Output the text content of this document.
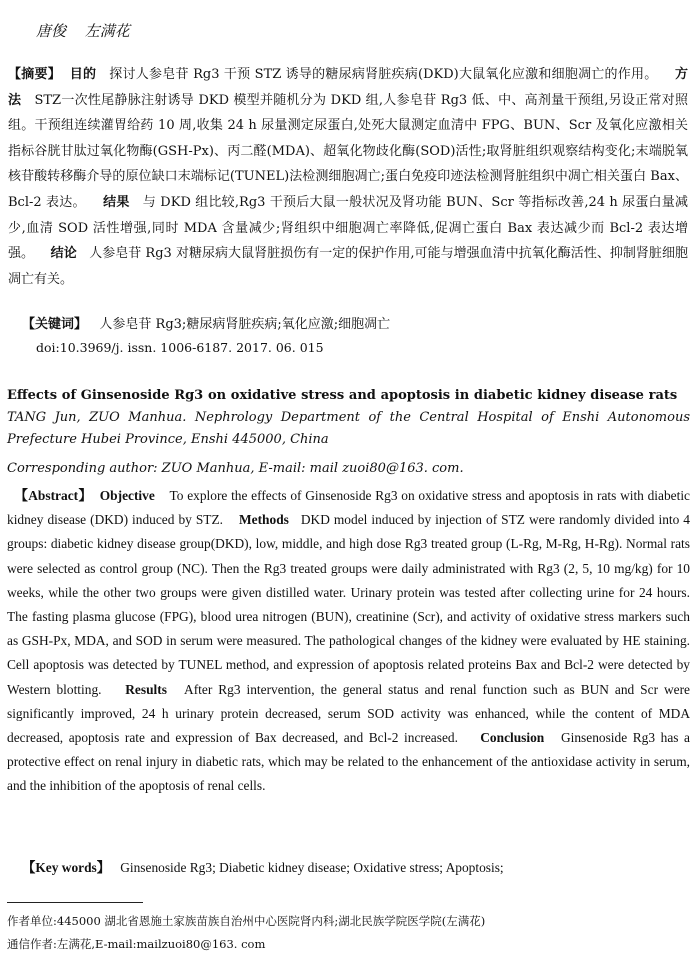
唐俊 左满花
【摘要】 目的 探讨人参皂苷 Rg3 干预 STZ 诱导的糖尿病肾脏疾病(DKD)大鼠氧化应激和细胞凋亡的作用。 方法 STZ一次性尾静脉注射诱导 DKD 模型并随机分为 DKD 组,人参皂苷 Rg3 低、中、高剂量干预组,另设正常对照组。干预组连续灌胃给药 10 周,收集 24 h 尿量测定尿蛋白,处死大鼠测定血清中 FPG、BUN、Scr 及氧化应激相关指标谷胱甘肽过氧化物酶(GSH-Px)、丙二醛(MDA)、超氧化物歧化酶(SOD)活性;取肾脏组织观察结构变化;末端脱氧核苷酸转移酶介导的原位缺口末端标记(TUNEL)法检测细胞凋亡;蛋白免疫印迹法检测肾脏组织中凋亡相关蛋白 Bax、Bcl-2 表达。 结果 与 DKD 组比较,Rg3 干预后大鼠一般状况及肾功能 BUN、Scr 等指标改善,24 h 尿蛋白量减少,血清 SOD 活性增强,同时 MDA 含量减少;肾组织中细胞凋亡率降低,促凋亡蛋白 Bax 表达减少而 Bcl-2 表达增强。 结论 人参皂苷 Rg3 对糖尿病大鼠肾脏损伤有一定的保护作用,可能与增强血清中抗氧化酶活性、抑制肾脏细胞凋亡有关。
【关键词】 人参皂苷 Rg3;糖尿病肾脏疾病;氧化应激;细胞凋亡
doi:10.3969/j. issn. 1006-6187. 2017. 06. 015
Effects of Ginsenoside Rg3 on oxidative stress and apoptosis in diabetic kidney disease rats    TANG Jun, ZUO Manhua. Nephrology Department of the Central Hospital of Enshi Autonomous Prefecture Hubei Province, Enshi 445000, China
Corresponding author: ZUO Manhua, E-mail: mail zuoi80@163. com.
【Abstract】 Objective To explore the effects of Ginsenoside Rg3 on oxidative stress and apoptosis in rats with diabetic kidney disease (DKD) induced by STZ. Methods DKD model induced by injection of STZ were randomly divided into 4 groups: diabetic kidney disease group(DKD), low, middle, and high dose Rg3 treated group (L-Rg, M-Rg, H-Rg). Normal rats were selected as control group (NC). Then the Rg3 treated groups were daily administrated with Rg3 (2, 5, 10 mg/kg) for 10 weeks, while the other two groups were given distilled water. Urinary protein was tested after collecting urine for 24 hours. The fasting plasma glucose (FPG), blood urea nitrogen (BUN), creatinine (Scr), and activity of oxidative stress markers such as GSH-Px, MDA, and SOD in serum were measured. The pathological changes of the kidney were evaluated by HE staining. Cell apoptosis was detected by TUNEL method, and expression of apoptosis related proteins Bax and Bcl-2 were detected by Western blotting. Results After Rg3 intervention, the general status and renal function such as BUN and Scr were significantly improved, 24 h urinary protein decreased, serum SOD activity was enhanced, while the content of MDA decreased, apoptosis rate and expression of Bax decreased, and Bcl-2 increased. Conclusion Ginsenoside Rg3 has a protective effect on renal injury in diabetic rats, which may be related to the enhancement of the antioxidase activity in serum, and the inhibition of the apoptosis of renal cells.
【Key words】 Ginsenoside Rg3; Diabetic kidney disease; Oxidative stress; Apoptosis;
作者单位:445000 湖北省恩施土家族苗族自治州中心医院肾内科;湖北民族学院医学院(左满花)
通信作者:左满花,E-mail:mailzuoi80@163. com
